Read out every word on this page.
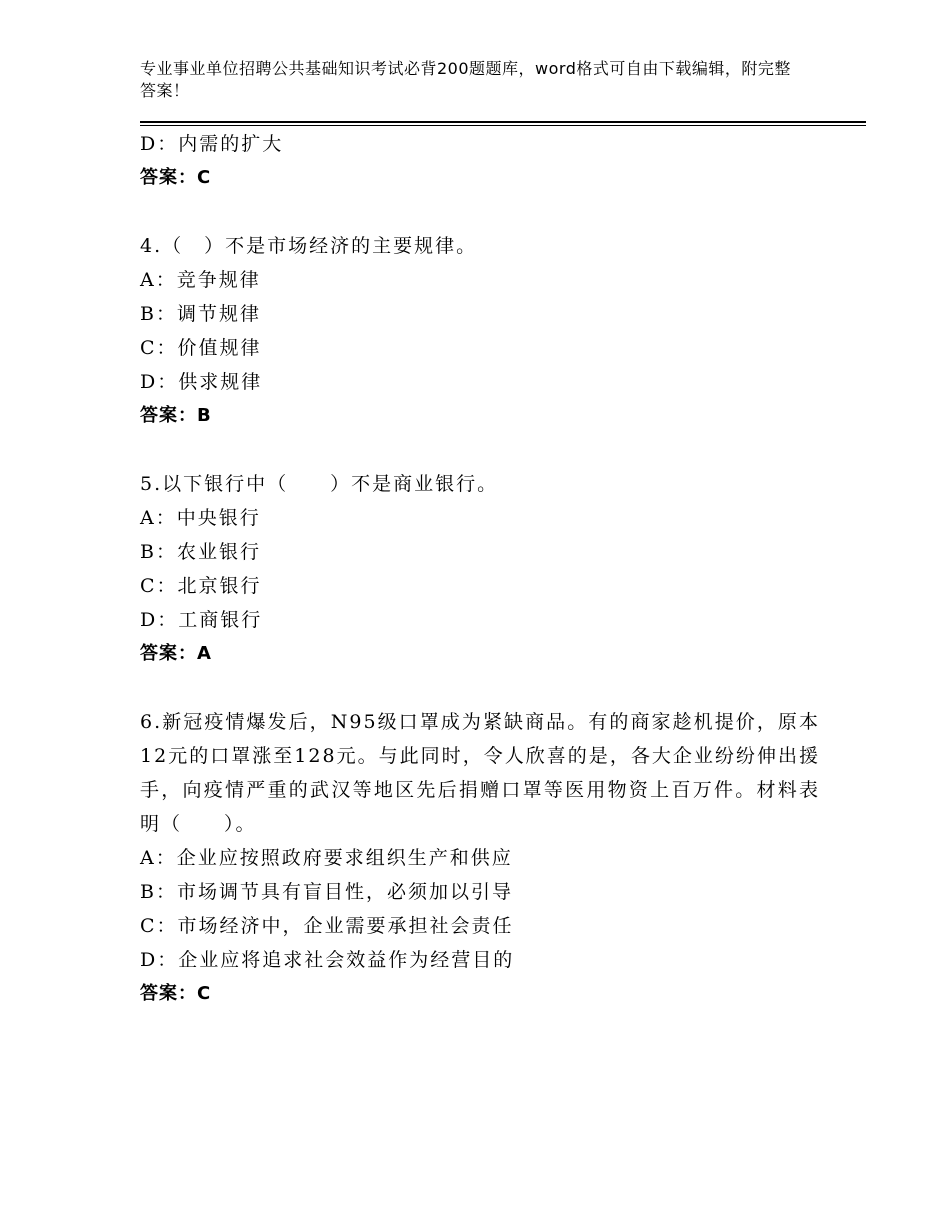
专业事业单位招聘公共基础知识考试必背200题题库，word格式可自由下载编辑，附完整答案！
D：内需的扩大
答案：C
4.（　）不是市场经济的主要规律。
A：竞争规律
B：调节规律
C：价值规律
D：供求规律
答案：B
5.以下银行中（　　）不是商业银行。
A：中央银行
B：农业银行
C：北京银行
D：工商银行
答案：A
6.新冠疫情爆发后，N95级口罩成为紧缺商品。有的商家趁机提价，原本12元的口罩涨至128元。与此同时，令人欣喜的是，各大企业纷纷伸出援手，向疫情严重的武汉等地区先后捐赠口罩等医用物资上百万件。材料表明（　　）。
A：企业应按照政府要求组织生产和供应
B：市场调节具有盲目性，必须加以引导
C：市场经济中，企业需要承担社会责任
D：企业应将追求社会效益作为经营目的
答案：C
